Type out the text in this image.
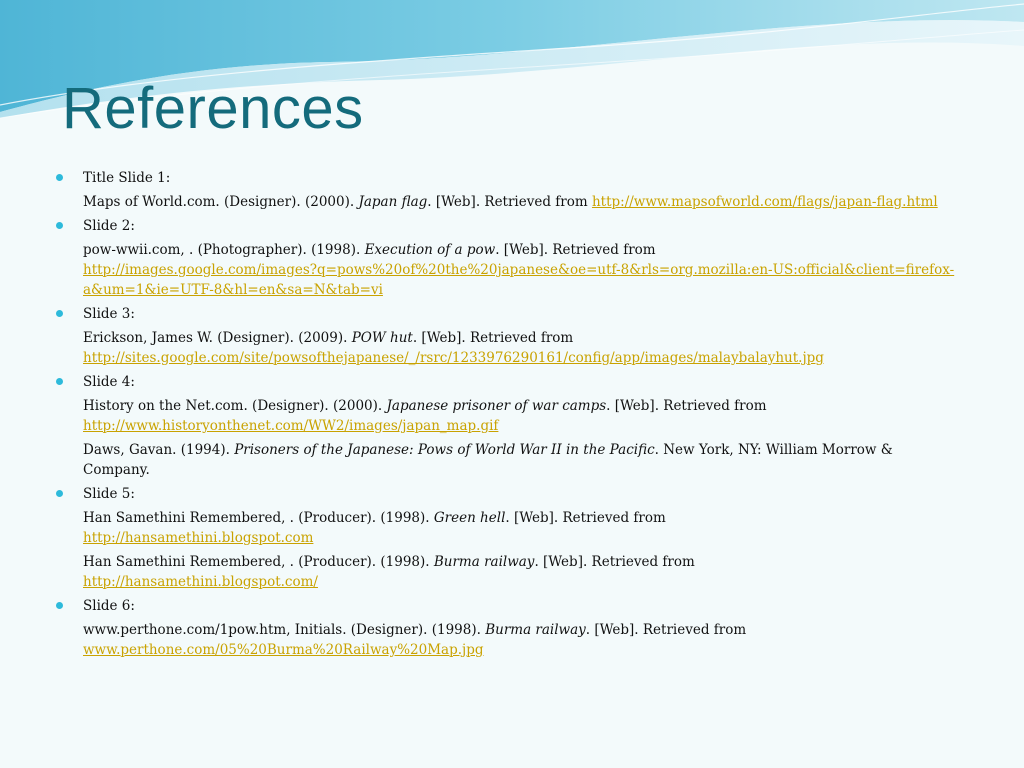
References
Title Slide 1:
Maps of World.com. (Designer). (2000). Japan flag. [Web]. Retrieved from http://www.mapsofworld.com/flags/japan-flag.html
Slide 2:
pow-wwii.com, . (Photographer). (1998). Execution of a pow. [Web]. Retrieved from
http://images.google.com/images?q=pows%20of%20the%20japanese&oe=utf-8&rls=org.mozilla:en-US:official&client=firefox-a&um=1&ie=UTF-8&hl=en&sa=N&tab=vi
Slide 3:
Erickson, James W. (Designer). (2009). POW hut. [Web]. Retrieved from
http://sites.google.com/site/powsofthejapanese/_/rsrc/1233976290161/config/app/images/malaybalayhut.jpg
Slide 4:
History on the Net.com. (Designer). (2000). Japanese prisoner of war camps. [Web]. Retrieved from
http://www.historyonthenet.com/WW2/images/japan_map.gif
Daws, Gavan. (1994). Prisoners of the Japanese: Pows of World War II in the Pacific. New York, NY: William Morrow & Company.
Slide 5:
Han Samethini Remembered, . (Producer). (1998). Green hell. [Web]. Retrieved from
http://hansamethini.blogspot.com
Han Samethini Remembered, . (Producer). (1998). Burma railway. [Web]. Retrieved from
http://hansamethini.blogspot.com/
Slide 6:
www.perthone.com/1pow.htm, Initials. (Designer). (1998). Burma railway. [Web]. Retrieved from
www.perthone.com/05%20Burma%20Railway%20Map.jpg
